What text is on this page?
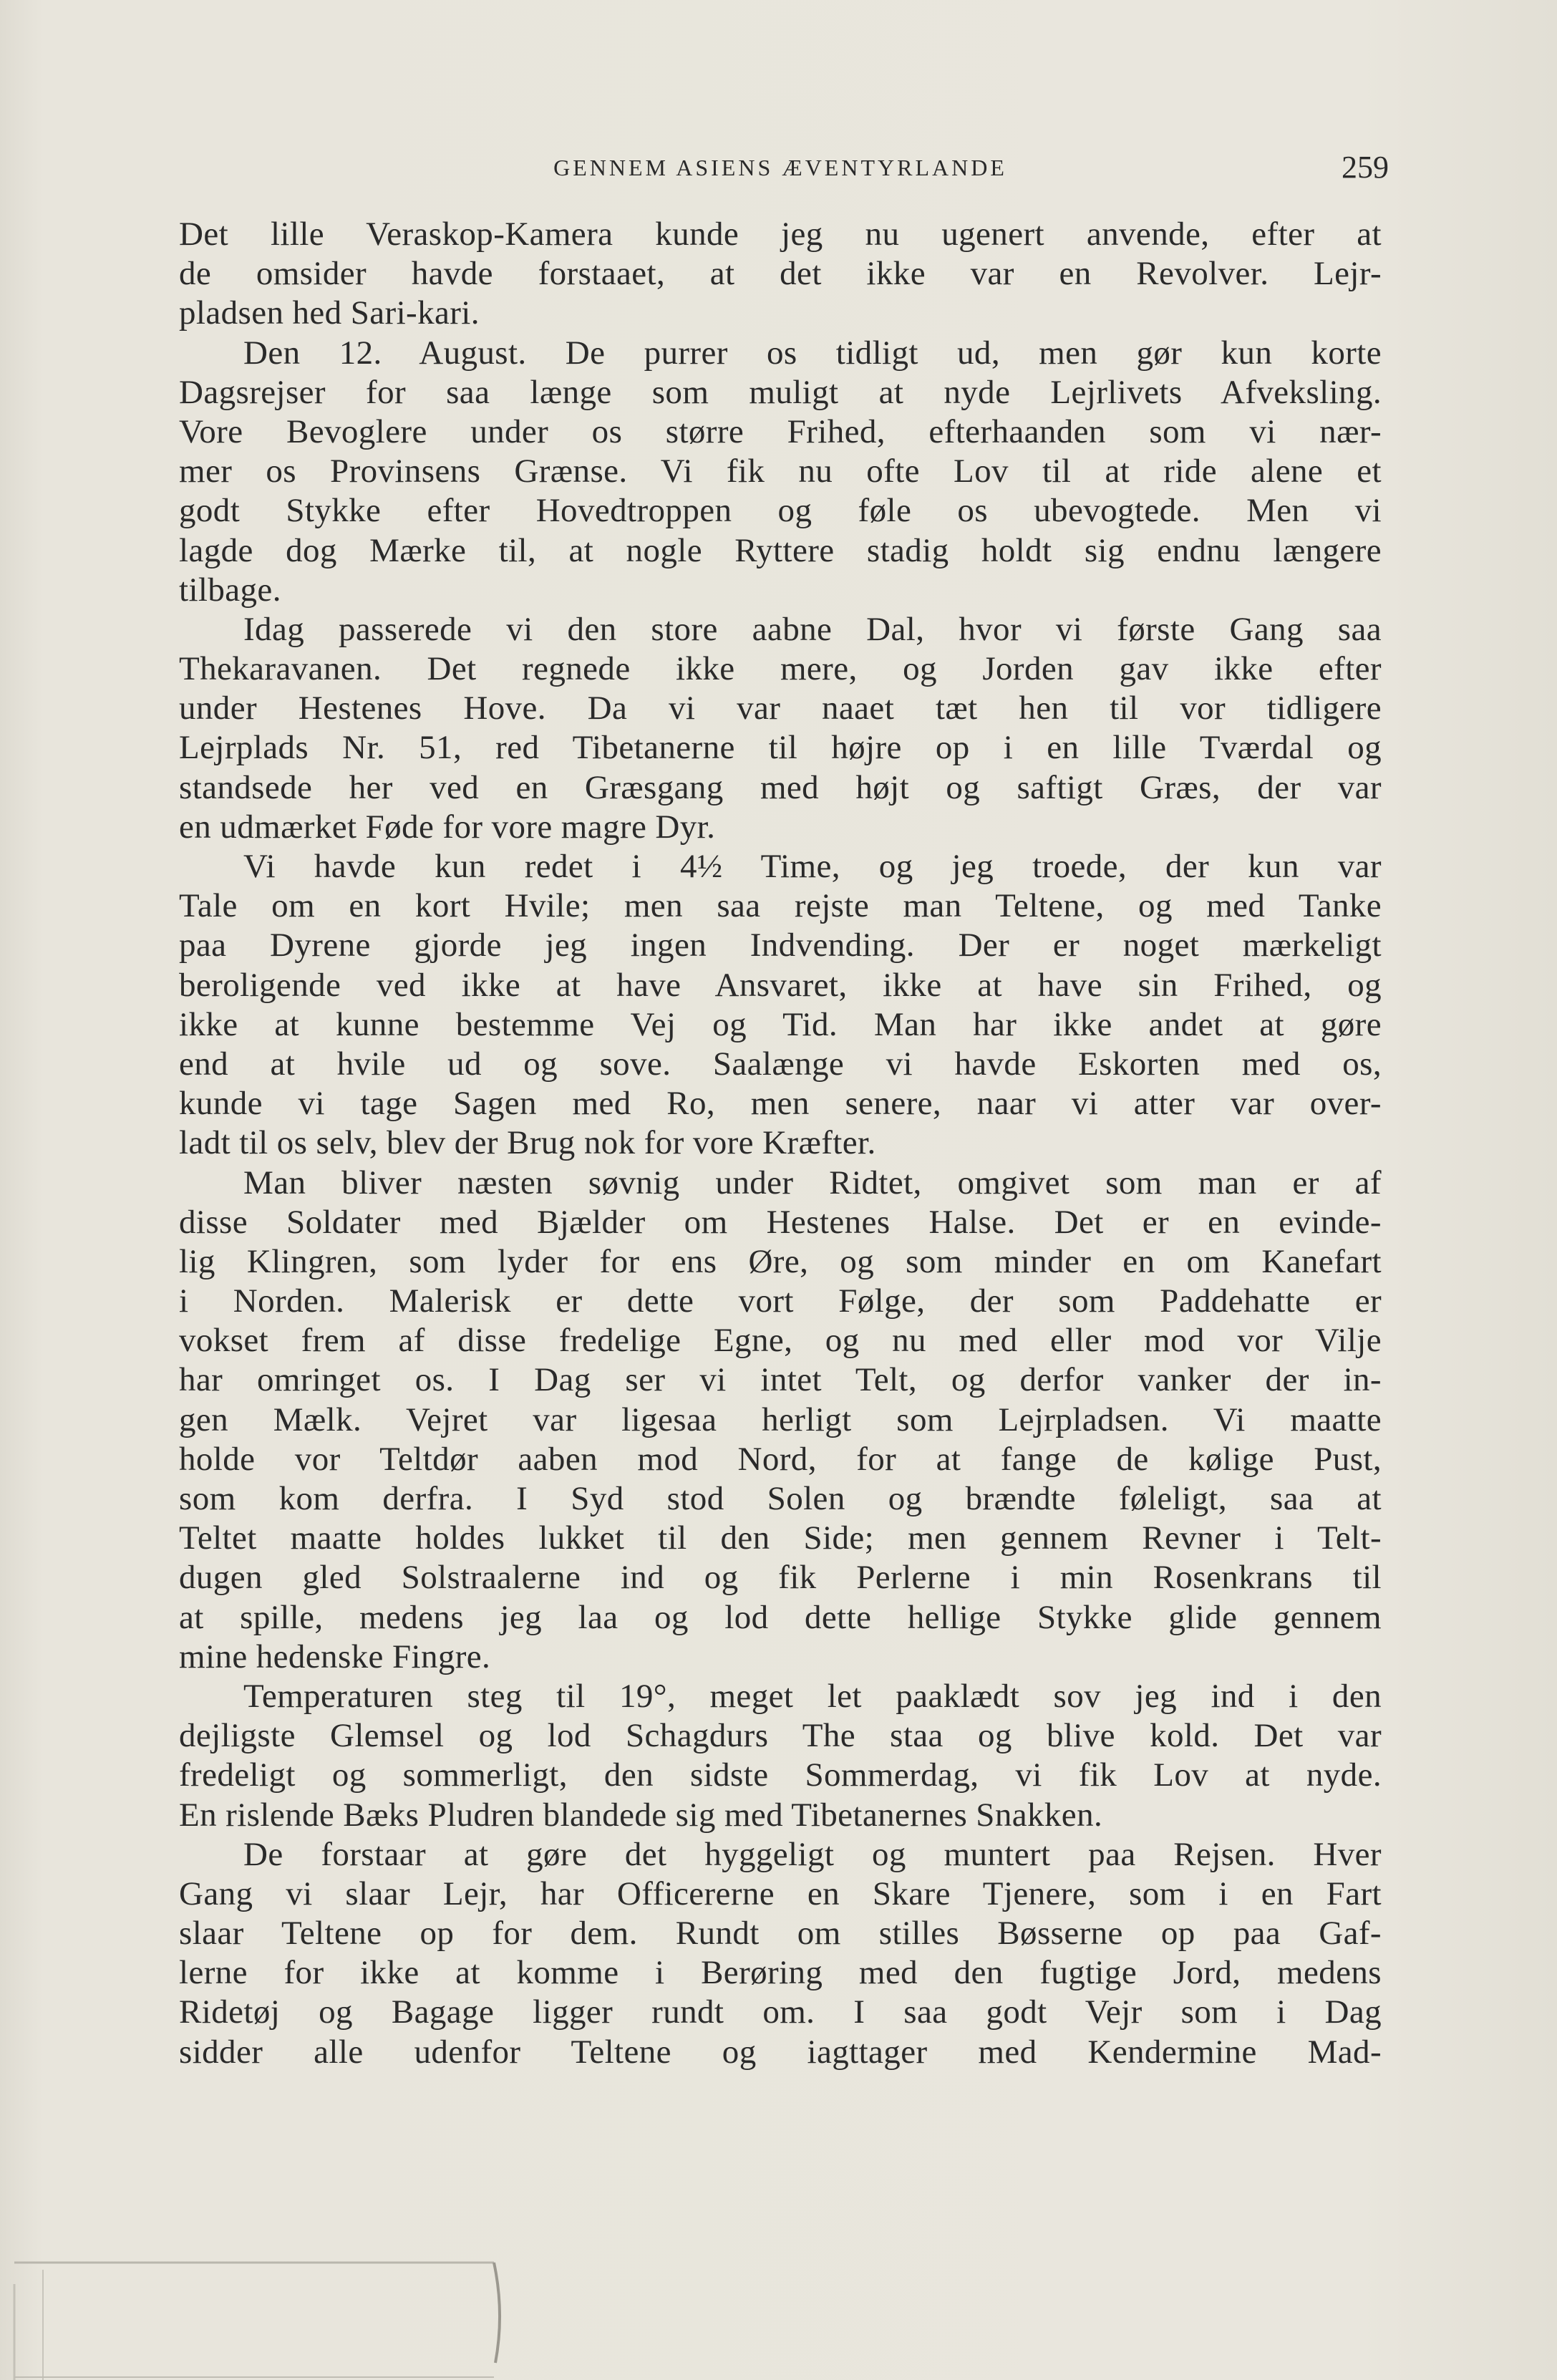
GENNEM ASIENS ÆVENTYRLANDE	259
Det lille Veraskop-Kamera kunde jeg nu ugenert anvende, efter at
de omsider havde forstaaet, at det ikke var en Revolver. Lejr-
pladsen hed Sari-kari.
Den 12. August. De purrer os tidligt ud, men gør kun korte
Dagsrejser for saa længe som muligt at nyde Lejrlivets Afveksling.
Vore Bevoglere under os større Frihed, efterhaanden som vi nær-
mer os Provinsens Grænse. Vi fik nu ofte Lov til at ride alene et
godt Stykke efter Hovedtroppen og føle os ubevogtede. Men vi
lagde dog Mærke til, at nogle Ryttere stadig holdt sig endnu længere
tilbage.
Idag passerede vi den store aabne Dal, hvor vi første Gang saa
Thekaravanen. Det regnede ikke mere, og Jorden gav ikke efter
under Hestenes Hove. Da vi var naaet tæt hen til vor tidligere
Lejrplads Nr. 51, red Tibetanerne til højre op i en lille Tværdal og
standsede her ved en Græsgang med højt og saftigt Græs, der var
en udmærket Føde for vore magre Dyr.
Vi havde kun redet i 4½ Time, og jeg troede, der kun var
Tale om en kort Hvile; men saa rejste man Teltene, og med Tanke
paa Dyrene gjorde jeg ingen Indvending. Der er noget mærkeligt
beroligende ved ikke at have Ansvaret, ikke at have sin Frihed, og
ikke at kunne bestemme Vej og Tid. Man har ikke andet at gøre
end at hvile ud og sove. Saalænge vi havde Eskorten med os,
kunde vi tage Sagen med Ro, men senere, naar vi atter var over-
ladt til os selv, blev der Brug nok for vore Kræfter.
Man bliver næsten søvnig under Ridtet, omgivet som man er af
disse Soldater med Bjælder om Hestenes Halse. Det er en evinde-
lig Klingren, som lyder for ens Øre, og som minder en om Kanefart
i Norden. Malerisk er dette vort Følge, der som Paddehatte er
vokset frem af disse fredelige Egne, og nu med eller mod vor Vilje
har omringet os. I Dag ser vi intet Telt, og derfor vanker der in-
gen Mælk. Vejret var ligesaa herligt som Lejrpladsen. Vi maatte
holde vor Teltdør aaben mod Nord, for at fange de kølige Pust,
som kom derfra. I Syd stod Solen og brændte føleligt, saa at
Teltet maatte holdes lukket til den Side; men gennem Revner i Telt-
dugen gled Solstraalerne ind og fik Perlerne i min Rosenkrans til
at spille, medens jeg laa og lod dette hellige Stykke glide gennem
mine hedenske Fingre.
Temperaturen steg til 19°, meget let paaklædt sov jeg ind i den
dejligste Glemsel og lod Schagdurs The staa og blive kold. Det var
fredeligt og sommerligt, den sidste Sommerdag, vi fik Lov at nyde.
En rislende Bæks Pludren blandede sig med Tibetanernes Snakken.
De forstaar at gøre det hyggeligt og muntert paa Rejsen. Hver
Gang vi slaar Lejr, har Officererne en Skare Tjenere, som i en Fart
slaar Teltene op for dem. Rundt om stilles Bøsserne op paa Gaf-
lerne for ikke at komme i Berøring med den fugtige Jord, medens
Ridetøj og Bagage ligger rundt om. I saa godt Vejr som i Dag
sidder alle udenfor Teltene og iagttager med Kendermine Mad-
